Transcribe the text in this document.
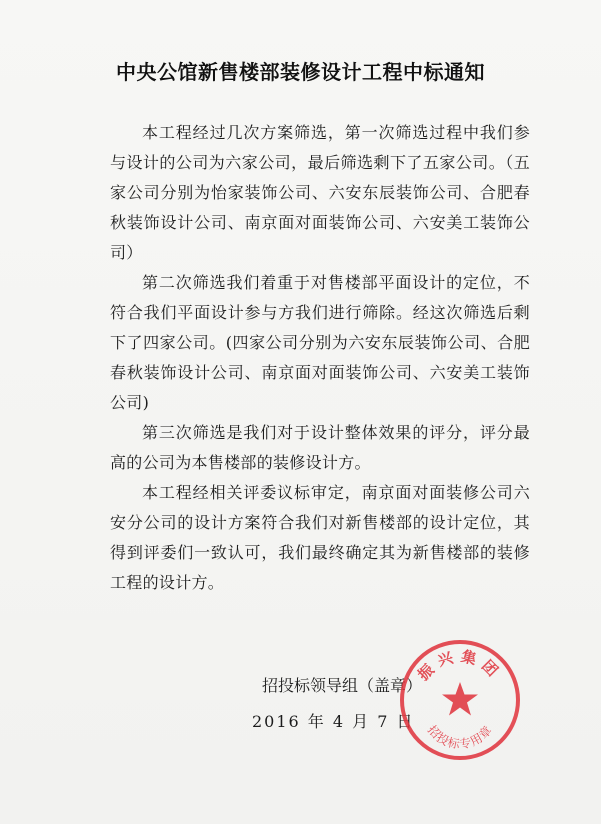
中央公馆新售楼部装修设计工程中标通知

本工程经过几次方案筛选，第一次筛选过程中我们参与设计的公司为六家公司，最后筛选剩下了五家公司。（五家公司分别为怡家装饰公司、六安东辰装饰公司、合肥春秋装饰设计公司、南京面对面装饰公司、六安美工装饰公司）

第二次筛选我们着重于对售楼部平面设计的定位，不符合我们平面设计参与方我们进行筛除。经这次筛选后剩下了四家公司。(四家公司分别为六安东辰装饰公司、合肥春秋装饰设计公司、南京面对面装饰公司、六安美工装饰公司)

第三次筛选是我们对于设计整体效果的评分，评分最高的公司为本售楼部的装修设计方。

本工程经相关评委议标审定，南京面对面装修公司六安分公司的设计方案符合我们对新售楼部的设计定位，其得到评委们一致认可，我们最终确定其为新售楼部的装修工程的设计方。

招投标领导组（盖章）
2016 年 4 月 7 日
振兴集团
招投标专用章
